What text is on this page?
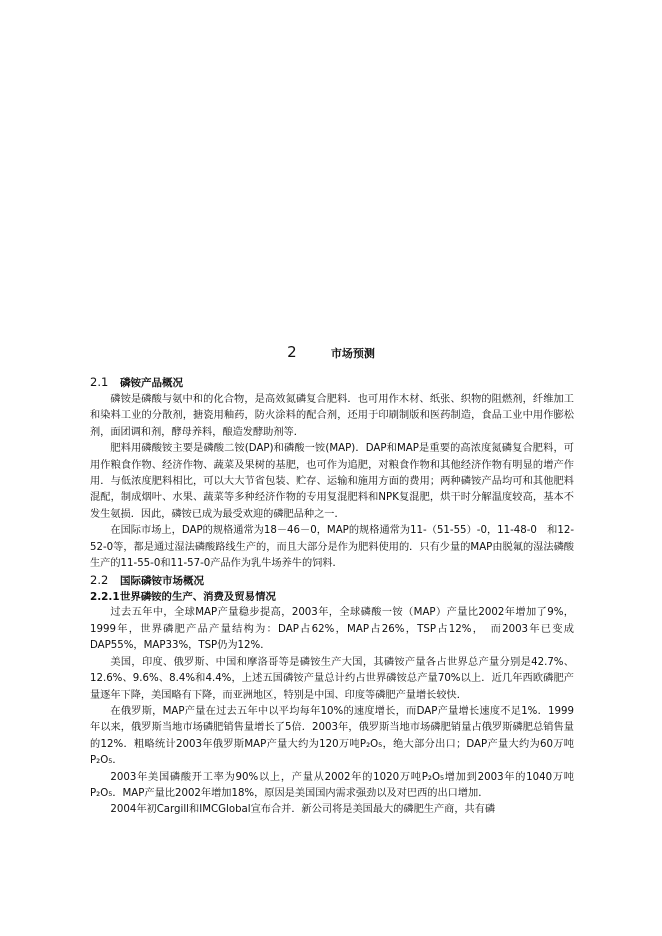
2	市场预测
2.1 磷铵产品概况

磷铵是磷酸与氨中和的化合物，是高效氮磷复合肥料．也可用作木材、纸张、织物的阻燃剂，纤维加工和染料工业的分散剂，搪瓷用釉药，防火涂料的配合剂，还用于印刷制版和医药制造，食品工业中用作膨松剂，面团调和剂，酵母养料，酿造发酵助剂等．

肥料用磷酸铵主要是磷酸二铵(DAP)和磷酸一铵(MAP)．DAP和MAP是重要的高浓度氮磷复合肥料，可用作粮食作物、经济作物、蔬菜及果树的基肥，也可作为追肥，对粮食作物和其他经济作物有明显的增产作用．与低浓度肥料相比，可以大大节省包装、贮存、运输和施用方面的费用；两种磷铵产品均可和其他肥料混配，制成烟叶、水果、蔬菜等多种经济作物的专用复混肥料和NPK复混肥，烘干时分解温度较高，基本不发生氨损．因此，磷铵已成为最受欢迎的磷肥品种之一．

在国际市场上，DAP的规格通常为18－46－0，MAP的规格通常为11-（51-55）-0，11-48-0　和12-52-0等，都是通过湿法磷酸路线生产的，而且大部分是作为肥料使用的．只有少量的MAP由脱氟的湿法磷酸生产的11-55-0和11-57-0产品作为乳牛场养牛的饲料．

2.2 国际磷铵市场概况
2.2.1世界磷铵的生产、消费及贸易情况

过去五年中，全球MAP产量稳步提高，2003年，全球磷酸一铵（MAP）产量比2002年增加了9%，1999年，世界磷肥产品产量结构为：DAP占62%，MAP占26%，TSP占12%，　而2003年已变成DAP55%，MAP33%，TSP仍为12%．

美国，印度、俄罗斯、中国和摩洛哥等是磷铵生产大国，其磷铵产量各占世界总产量分别是42.7%、12.6%、9.6%、8.4%和4.4%，上述五国磷铵产量总计约占世界磷铵总产量70%以上．近几年西欧磷肥产量逐年下降，美国略有下降，而亚洲地区，特别是中国、印度等磷肥产量增长较快．

在俄罗斯，MAP产量在过去五年中以平均每年10%的速度增长，而DAP产量增长速度不足1%．1999年以来，俄罗斯当地市场磷肥销售量增长了5倍．2003年，俄罗斯当地市场磷肥销量占俄罗斯磷肥总销售量的12%．粗略统计2003年俄罗斯MAP产量大约为120万吨P₂O₅，绝大部分出口；DAP产量大约为60万吨P₂O₅．

2003年美国磷酸开工率为90%以上，产量从2002年的1020万吨P₂O₅增加到2003年的1040万吨P₂O₅．MAP产量比2002年增加18%，原因是美国国内需求强劲以及对巴西的出口增加．

2004年初Cargill和IMCGlobal宣布合并．新公司将是美国最大的磷肥生产商，共有磷
